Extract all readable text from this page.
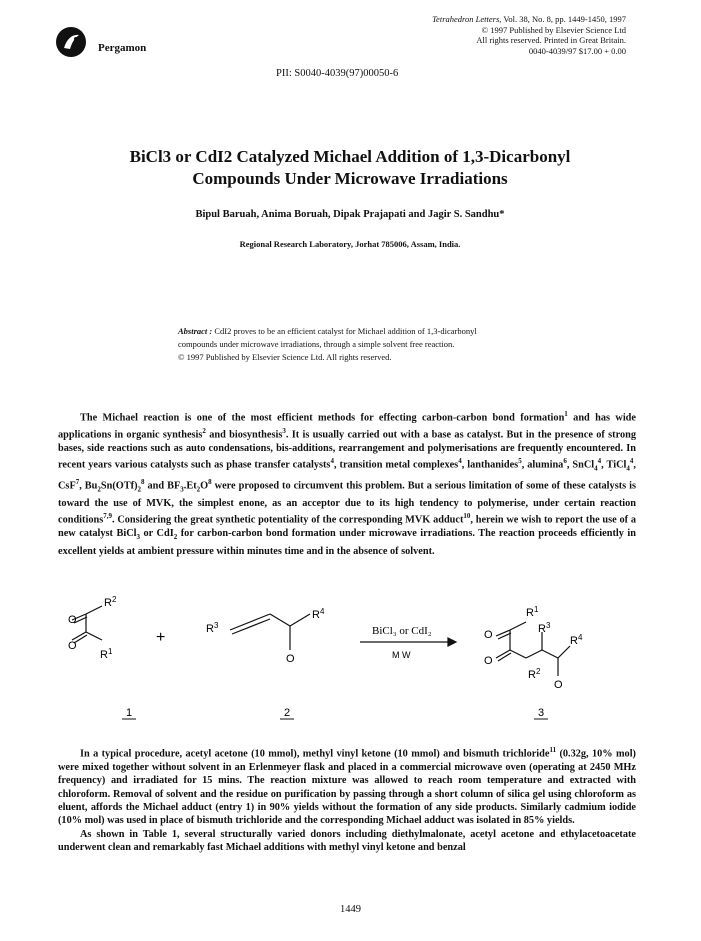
Pergamon
Tetrahedron Letters, Vol. 38, No. 8, pp. 1449-1450, 1997
© 1997 Published by Elsevier Science Ltd
All rights reserved. Printed in Great Britain.
0040-4039/97 $17.00 + 0.00
PII: S0040-4039(97)00050-6
BiCl3 or CdI2 Catalyzed Michael Addition of 1,3-Dicarbonyl
Compounds Under Microwave Irradiations
Bipul Baruah, Anima Boruah, Dipak Prajapati and Jagir S. Sandhu*
Regional Research Laboratory, Jorhat 785006, Assam, India.
Abstract : CdI2 proves to be an efficient catalyst for Michael addition of 1,3-dicarbonyl
compounds under microwave irradiations, through a simple solvent free reaction.
© 1997 Published by Elsevier Science Ltd. All rights reserved.

The Michael reaction is one of the most efficient methods for effecting carbon-carbon bond formation$^1$ and has wide applications in organic synthesis$^2$ and biosynthesis$^3$. It is usually carried out with a base as catalyst. But in the presence of strong bases, side reactions such as auto condensations, bis-additions, rearrangement and polymerisations are frequently encountered. In recent years various catalysts such as phase transfer catalysts$^4$, transition metal complexes$^4$, lanthanides$^5$, alumina$^6$, SnCl$_4^4$, TiCl$_4^4$, CsF$^7$, $Bu_2Sn(OTf)_2^8$ and $BF_3.Et_2O^8$ were proposed to circumvent this problem. But a serious limitation of some of these catalysts is toward the use of MVK, the simplest enone, as an acceptor due to its high tendency to polymerise, under certain reaction conditions$^{7,9}$. Considering the great synthetic potentiality of the corresponding MVK adduct$^{10}$, herein we wish to report the use of a new catalyst BiCl$_3$ or CdI$_2$ for carbon-carbon bond formation under microwave irradiations. The reaction proceeds efficiently in excellent yields at ambient pressure within minutes time and in the absence of solvent.

O
O
R 2
R 1
+	R 3
R 4
O
BiCl₃ or CdI₂
M W
O
O
R 1
R 3
R 4
R 2
O
1	2	3

In a typical procedure, acetyl acetone (10 mmol), methyl vinyl ketone (10 mmol) and bismuth trichloride$^{11}$ (0.32g, 10% mol) were mixed together without solvent in an Erlenmeyer flask and placed in a commercial microwave oven (operating at 2450 MHz frequency) and irradiated for 15 mins. The reaction mixture was allowed to reach room temperature and extracted with chloroform. Removal of solvent and the residue on purification by passing through a short column of silica gel using chloroform as eluent, affords the Michael adduct (entry 1) in 90% yields without the formation of any side products. Similarly cadmium iodide (10% mol) was used in place of bismuth trichloride and the corresponding Michael adduct was isolated in 85% yields.

As shown in Table 1, several structurally varied donors including diethylmalonate, acetyl acetone and ethylacetoacetate underwent clean and remarkably fast Michael additions with methyl vinyl ketone and benzal

1449
